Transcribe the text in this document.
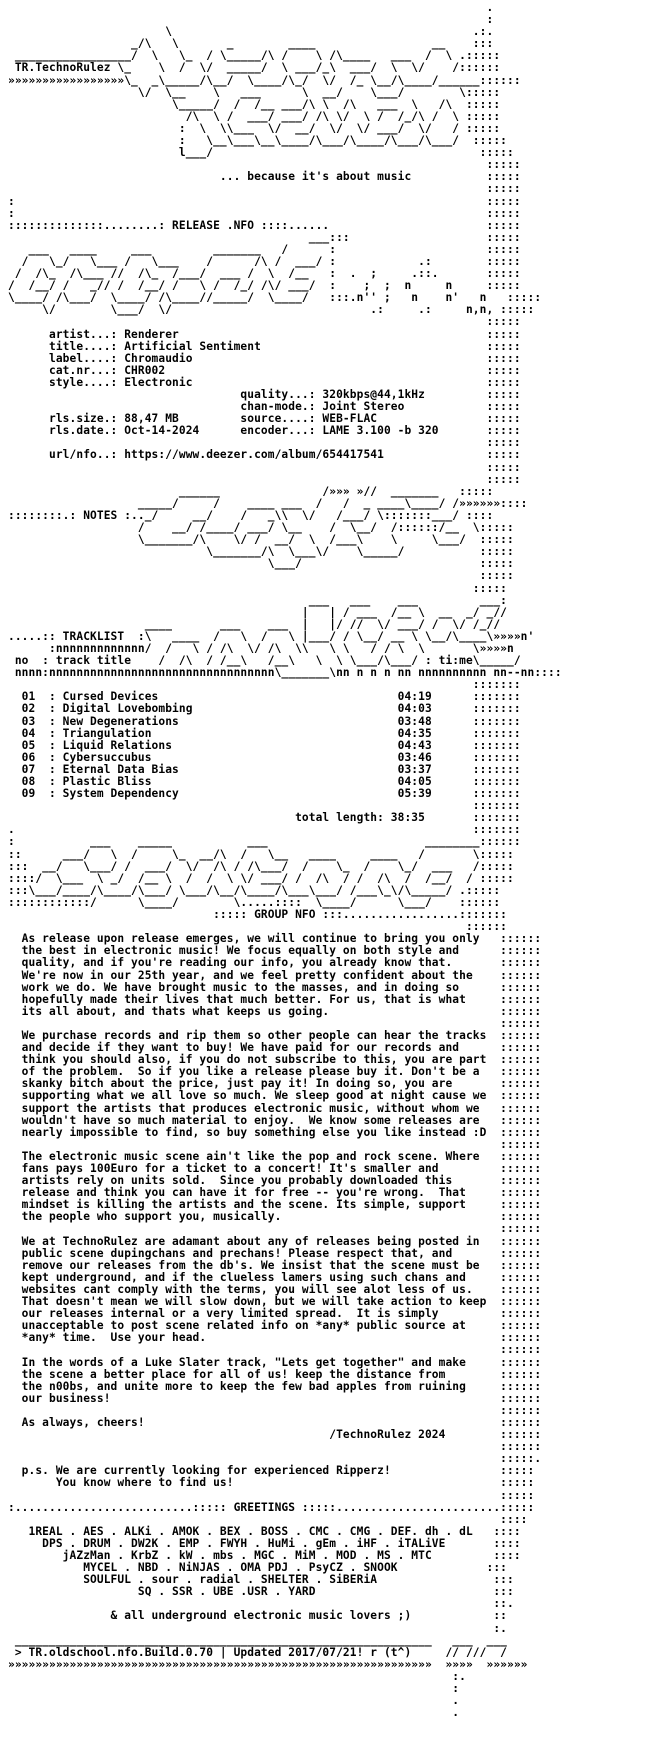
.
:
\                                            .:.
_/\   \       _        ____                 __    :::
_________________/  \   \_  / \_____/\ /    \ /\____   ___  /  \ .:::::
TR.TechnoRulez \_    \  /  \/  _____/  \ ___/_\  ___/  \  \/    /::::::
»»»»»»»»»»»»»»»»»\_  _\_____/\__/  \____/\_/  \/  /_ \__/\____/______::::::
\/  \__    \   ___      \  __/    \___/        \:::::
\_____/  /  /__ ___/\ \  /\   ___  \   /\  :::::
/\  \ /  ___/ ___/ /\ \/  \ /  /_/\ /  \ :::::
:  \  \\___  \/  __/  \/  \/ ___/  \/   / :::::
:   \__\___\__\____/\___/\____/\___/\___/  :::::
l___/                                       :::::
:::::
... because it's about music           :::::
:::::
:                                                                     :::::
:                                                                     :::::
::::::::::::::........: RELEASE .NFO ::::......                       :::::
___:::                    :::::
___   ____     ___         _______   /      :                      :::::
/   \_/   \___ /   \___    /      /\ /  ___/ :            .:        :::::
/  /\_  /\___ //  /\_  /___/  ___ /  \  /__   :  .  ;     .::.       :::::
/  /__/ /   _// /  /__/ /   \ /  /_/ /\/ ___/  :    ;  ;  n     n     :::::
\____/ /\___/  \____/ /\____//_____/  \____/   :::.n'' ;   n    n'   n   :::::
\/        \___/  \/                             .:     .:     n,n, :::::
:::::
artist...: Renderer                                             :::::
title....: Artificial Sentiment                                 :::::
label....: Chromaudio                                           :::::
cat.nr...: CHR002                                               :::::
style....: Electronic                                           :::::
quality...: 320kbps@44,1kHz         :::::
chan-mode.: Joint Stereo            :::::
rls.size.: 88,47 MB         source....: WEB-FLAC                :::::
rls.date.: Oct-14-2024      encoder...: LAME 3.100 -b 320       :::::
:::::
url/nfo..: https://www.deezer.com/album/654417541               :::::
:::::
:::::
______               /»»» »//  _______   :::::
_____/     /    ____ ___  /   /  _ ____\____/ /»»»»»»::::
::::::::.: NOTES :.._/     __/    /   _\\  \/   /___/ \:::::::___/ ::::
/    __/ /____/ ___/ \__    /  \__/  /::::::/__  \:::::
\_______/\    \/ /  __/  \  /___\    \     \___/  :::::
\_______/\  \___\/    \_____/           :::::
\___/                          :::::
:::::
:::::
___   ___    ___         ___:
|   | / ___  /__ \  __  _/ _//
____       ___    ___  |   |/ //  \/ ___/ /  \/ /_//
.....:: TRACKLIST  :\   ____  /   \  /   \ |___/ / \__/ __ \ \__/\____\»»»»n'
:nnnnnnnnnnnnn/  /   \ / /\  \/ /\  \\   \ \   / / \  \       \»»»»n
no  : track title    /  /\  / /__\   /__\   \  \ \___/\___/ : ti:me\_____/
nnnn:nnnnnnnnnnnnnnnnnnnnnnnnnnnnnnnnn\_______\nn n n n nn nnnnnnnnnn nn--nn::::
:::::::
01  : Cursed Devices                                   04:19      :::::::
02  : Digital Lovebombing                              04:03      :::::::
03  : New Degenerations                                03:48      :::::::
04  : Triangulation                                    04:35      :::::::
05  : Liquid Relations                                 04:43      :::::::
06  : Cybersuccubus                                    03:46      :::::::
07  : Eternal Data Bias                                03:37      :::::::
08  : Plastic Bliss                                    04:05      :::::::
09  : System Dependency                                05:39      :::::::
:::::::
total length: 38:35       :::::::
.                                                                   :::::::
:           ___    _____           ___                       ________::::::
::      ___/   \  /     \_  __/\  /   \__   ____     ____   /       \:::::
:::  __/   \___/ /  ___/  \/  /\ / /\___/  /    \_  /    \_/  ___   /:::::
::::/  \___  \ _/  /__ \  /  /  \ \/ ___/ /  /\  / /  /\  /  /__/  / :::::
:::\___/____/\____/\___/ \___/\__/\____/\___\___/ /___\_\/\_____/ .:::::
::::::::::::/      \____/        \.....::::  \____/      \___/    ::::::
::::: GROUP NFO :::.................:::::::
::::::
As release upon release emerges, we will continue to bring you only   ::::::
the best in electronic music! We focus equally on both style and      ::::::
quality, and if you're reading our info, you already know that.       ::::::
We're now in our 25th year, and we feel pretty confident about the    ::::::
work we do. We have brought music to the masses, and in doing so      ::::::
hopefully made their lives that much better. For us, that is what     ::::::
its all about, and thats what keeps us going.                         ::::::
::::::
We purchase records and rip them so other people can hear the tracks  ::::::
and decide if they want to buy! We have paid for our records and      ::::::
think you should also, if you do not subscribe to this, you are part  ::::::
of the problem.  So if you like a release please buy it. Don't be a   ::::::
skanky bitch about the price, just pay it! In doing so, you are       ::::::
supporting what we all love so much. We sleep good at night cause we  ::::::
support the artists that produces electronic music, without whom we   ::::::
wouldn't have so much material to enjoy.  We know some releases are   ::::::
nearly impossible to find, so buy something else you like instead :D  ::::::
::::::
The electronic music scene ain't like the pop and rock scene. Where   ::::::
fans pays 100Euro for a ticket to a concert! It's smaller and         ::::::
artists rely on units sold.  Since you probably downloaded this       ::::::
release and think you can have it for free -- you're wrong.  That     ::::::
mindset is killing the artists and the scene. Its simple, support     ::::::
the people who support you, musically.                                ::::::
::::::
We at TechnoRulez are adamant about any of releases being posted in   ::::::
public scene dupingchans and prechans! Please respect that, and       ::::::
remove our releases from the db's. We insist that the scene must be   ::::::
kept underground, and if the clueless lamers using such chans and     ::::::
websites cant comply with the terms, you will see alot less of us.    ::::::
That doesn't mean we will slow down, but we will take action to keep  ::::::
our releases internal or a very limited spread.  It is simply         ::::::
unacceptable to post scene related info on *any* public source at     ::::::
*any* time.  Use your head.                                           ::::::
::::::
In the words of a Luke Slater track, "Lets get together" and make     ::::::
the scene a better place for all of us! keep the distance from        ::::::
the n00bs, and unite more to keep the few bad apples from ruining     ::::::
our business!                                                         ::::::
::::::
As always, cheers!                                                    ::::::
/TechnoRulez 2024        ::::::
::::::
:::::.
p.s. We are currently looking for experienced Ripperz!                :::::
You know where to find us!                                       :::::
:::::
:..........................::::: GREETINGS :::::........................:::::
::::
1REAL . AES . ALKi . AMOK . BEX . BOSS . CMC . CMG . DEF. dh . dL   ::::
DPS . DRUM . DW2K . EMP . FWYH . HuMi . gEm . iHF . iTALiVE       ::::
jAZzMan . KrbZ . kW . mbs . MGC . MiM . MOD . MS . MTC         ::::
MYCEL . NBD . NiNJAS . OMA PDJ . PsyCZ . SNOOK             :::
SOULFUL . sour . radial . SHELTER . SiBERiA                 :::
SQ . SSR . UBE .USR . YARD                          :::
::.
& all underground electronic music lovers ;)            ::
:.
_____________________________________________________________   ___  ___
> TR.oldschool.nfo.Build.0.70 | Updated 2017/07/21! r (t^)     // ///  /
»»»»»»»»»»»»»»»»»»»»»»»»»»»»»»»»»»»»»»»»»»»»»»»»»»»»»»»»»»»»»»  »»»»  »»»»»»
:.
:
.
.
